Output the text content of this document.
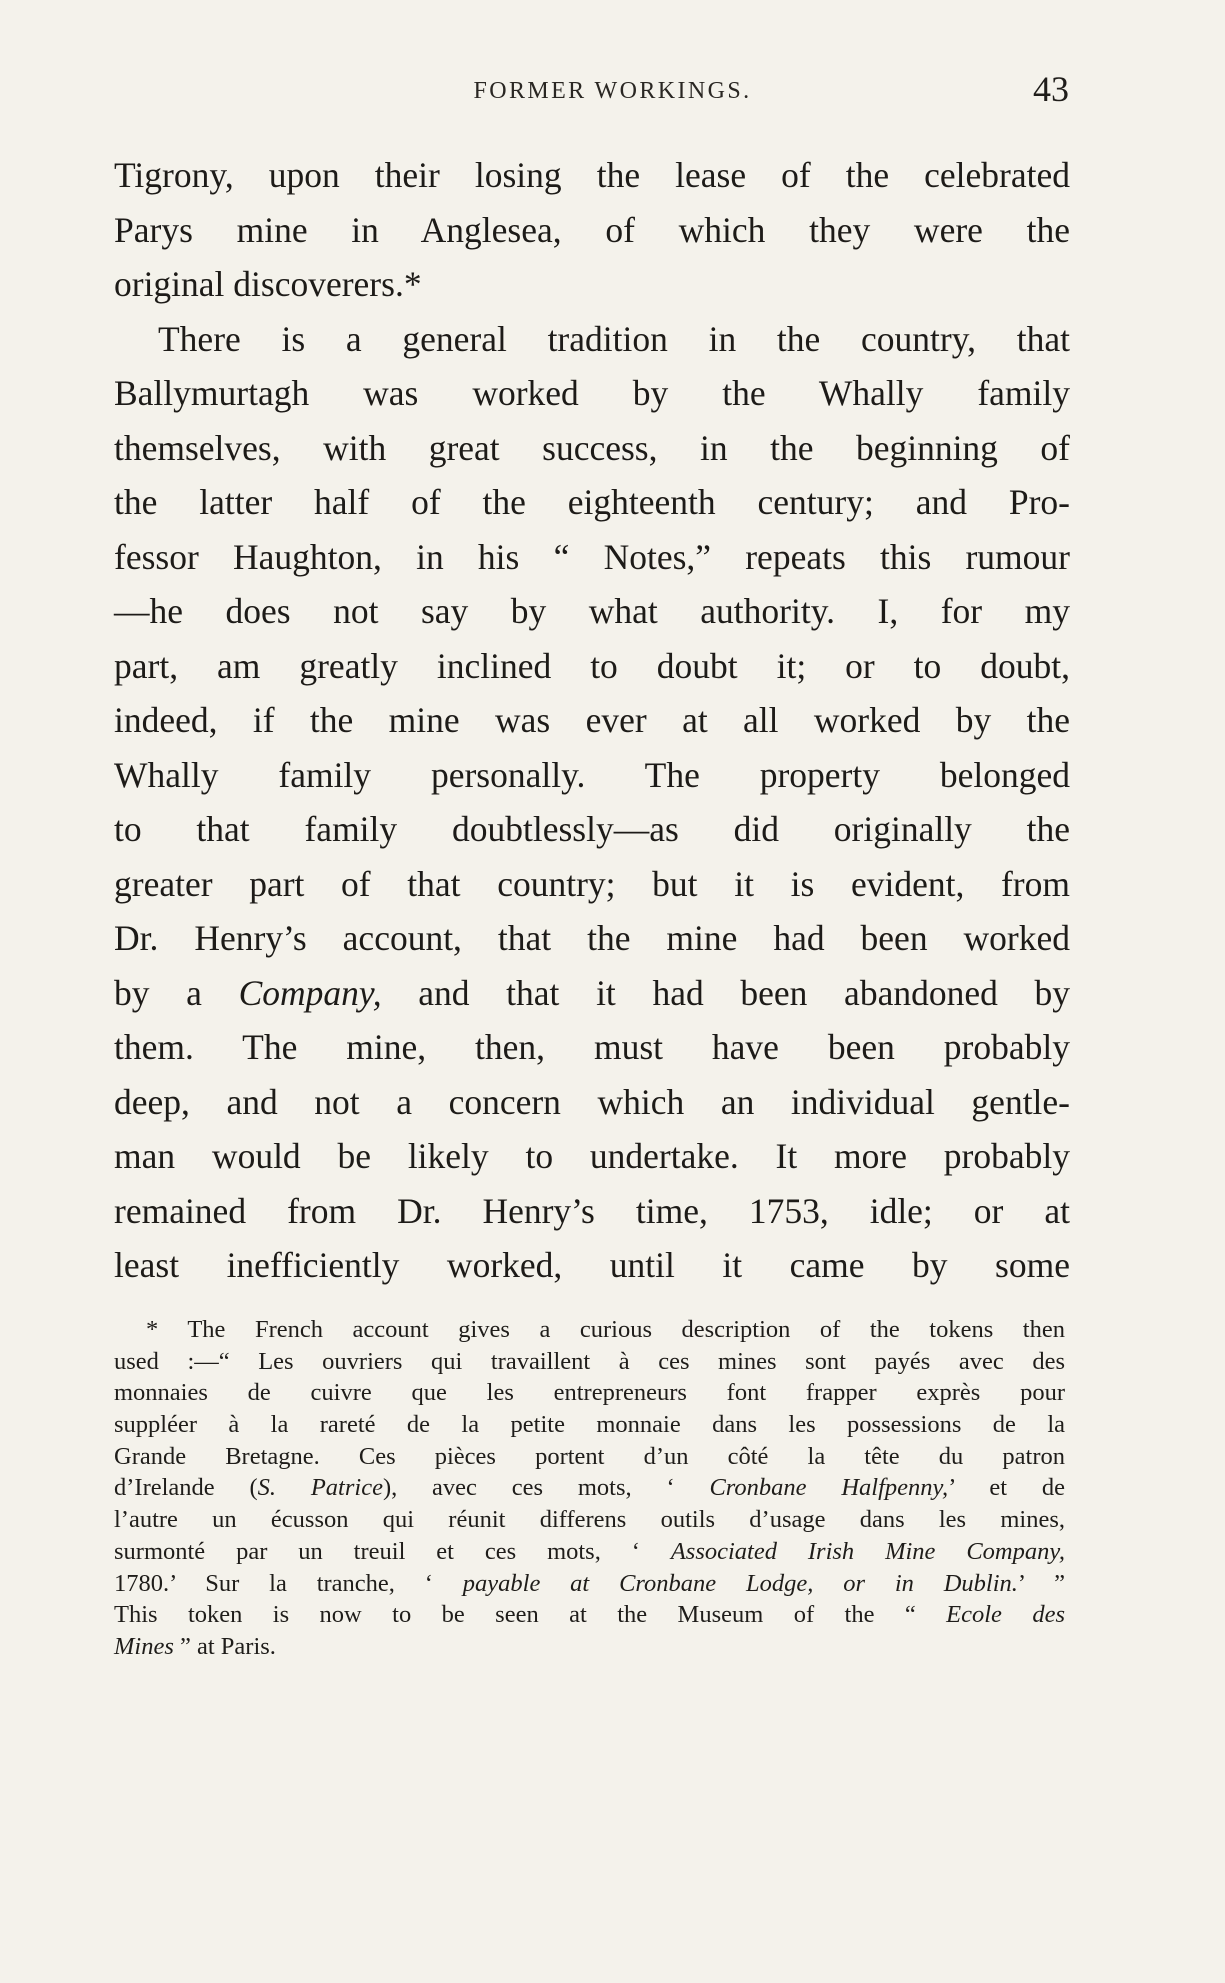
FORMER WORKINGS.	43
Tigrony, upon their losing the lease of the celebrated
Parys mine in Anglesea, of which they were the
original discoverers.*
There is a general tradition in the country, that
Ballymurtagh was worked by the Whally family
themselves, with great success, in the beginning of
the latter half of the eighteenth century; and Pro-
fessor Haughton, in his “ Notes,” repeats this rumour
—he does not say by what authority. I, for my
part, am greatly inclined to doubt it; or to doubt,
indeed, if the mine was ever at all worked by the
Whally family personally. The property belonged
to that family doubtlessly—as did originally the
greater part of that country; but it is evident, from
Dr. Henry’s account, that the mine had been worked
by a Company, and that it had been abandoned by
them. The mine, then, must have been probably
deep, and not a concern which an individual gentle-
man would be likely to undertake. It more probably
remained from Dr. Henry’s time, 1753, idle; or at
least inefficiently worked, until it came by some
* The French account gives a curious description of the tokens then
used :—“ Les ouvriers qui travaillent à ces mines sont payés avec des
monnaies de cuivre que les entrepreneurs font frapper exprès pour
suppléer à la rareté de la petite monnaie dans les possessions de la
Grande Bretagne. Ces pièces portent d’un côté la tête du patron
d’Irelande (S. Patrice), avec ces mots, ‘ Cronbane Halfpenny,’ et de
l’autre un écusson qui réunit differens outils d’usage dans les mines,
surmonté par un treuil et ces mots, ‘ Associated Irish Mine Company,
1780.’ Sur la tranche, ‘ payable at Cronbane Lodge, or in Dublin.’ ”
This token is now to be seen at the Museum of the “ Ecole des
Mines ” at Paris.
